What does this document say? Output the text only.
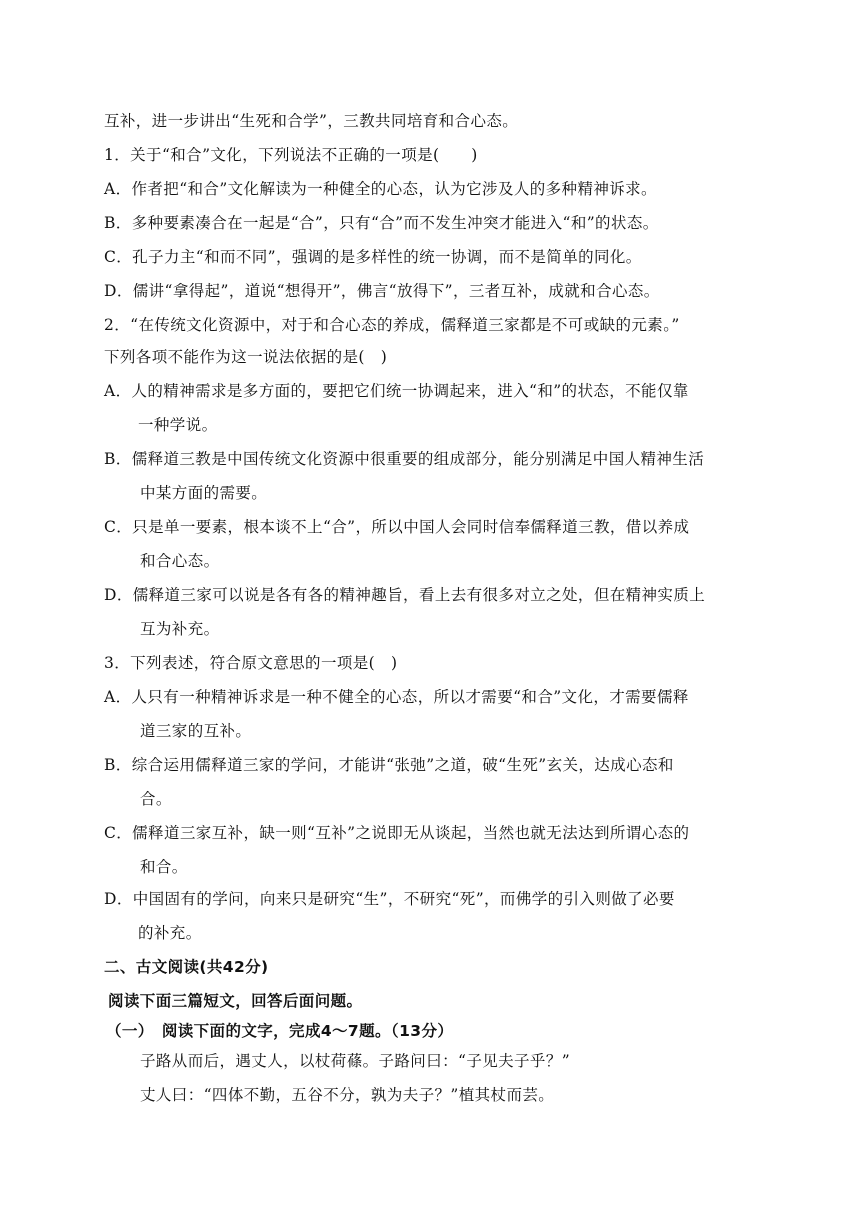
互补，进一步讲出“生死和合学”，三教共同培育和合心态。
1．关于“和合”文化，下列说法不正确的一项是(　　)
A．作者把“和合”文化解读为一种健全的心态，认为它涉及人的多种精神诉求。
B．多种要素凑合在一起是“合”，只有“合”而不发生冲突才能进入“和”的状态。
C．孔子力主“和而不同”，强调的是多样性的统一协调，而不是简单的同化。
D．儒讲“拿得起”，道说“想得开”，佛言“放得下”，三者互补，成就和合心态。
2．“在传统文化资源中，对于和合心态的养成，儒释道三家都是不可或缺的元素。”
下列各项不能作为这一说法依据的是(　)
A．人的精神需求是多方面的，要把它们统一协调起来，进入“和”的状态，不能仅靠
一种学说。
B．儒释道三教是中国传统文化资源中很重要的组成部分，能分别满足中国人精神生活
中某方面的需要。
C．只是单一要素，根本谈不上“合”，所以中国人会同时信奉儒释道三教，借以养成
和合心态。
D．儒释道三家可以说是各有各的精神趣旨，看上去有很多对立之处，但在精神实质上
互为补充。
3．下列表述，符合原文意思的一项是(　)
A．人只有一种精神诉求是一种不健全的心态，所以才需要“和合”文化，才需要儒释
道三家的互补。
B．综合运用儒释道三家的学问，才能讲“张弛”之道，破“生死”玄关，达成心态和
合。
C．儒释道三家互补，缺一则“互补”之说即无从谈起，当然也就无法达到所谓心态的
和合。
D．中国固有的学问，向来只是研究“生”，不研究“死”，而佛学的引入则做了必要
的补充。
二、古文阅读(共42分)
阅读下面三篇短文，回答后面问题。
（一）　阅读下面的文字，完成4～7题。（13分）
子路从而后，遇丈人，以杖荷蓧。子路问曰：“子见夫子乎？”
丈人曰：“四体不勤，五谷不分，孰为夫子？”植其杖而芸。
